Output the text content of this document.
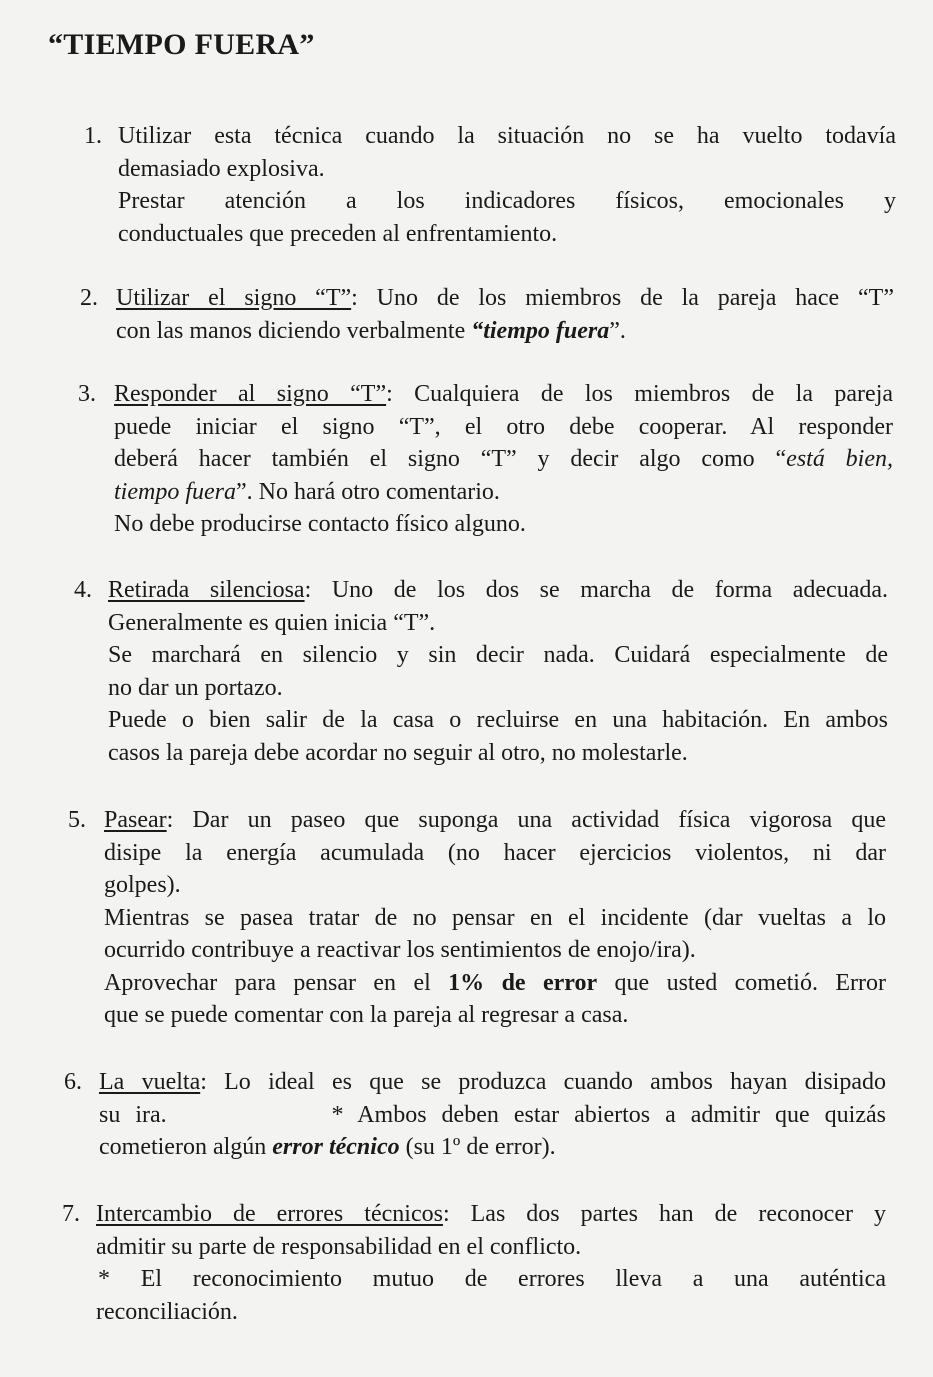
“TIEMPO FUERA”
1. Utilizar esta técnica cuando la situación no se ha vuelto todavía
demasiado explosiva.
Prestar atención a los indicadores físicos, emocionales y
conductuales que preceden al enfrentamiento.
2. Utilizar el signo “T”: Uno de los miembros de la pareja hace “T”
con las manos diciendo verbalmente “tiempo fuera”.
3. Responder al signo “T”: Cualquiera de los miembros de la pareja
puede iniciar el signo “T”, el otro debe cooperar. Al responder
deberá hacer también el signo “T” y decir algo como “está bien,
tiempo fuera”. No hará otro comentario.
No debe producirse contacto físico alguno.
4. Retirada silenciosa: Uno de los dos se marcha de forma adecuada.
Generalmente es quien inicia “T”.
Se marchará en silencio y sin decir nada. Cuidará especialmente de
no dar un portazo.
Puede o bien salir de la casa o recluirse en una habitación. En ambos
casos la pareja debe acordar no seguir al otro, no molestarle.
5. Pasear: Dar un paseo que suponga una actividad física vigorosa que
disipe la energía acumulada (no hacer ejercicios violentos, ni dar
golpes).
Mientras se pasea tratar de no pensar en el incidente (dar vueltas a lo
ocurrido contribuye a reactivar los sentimientos de enojo/ira).
Aprovechar para pensar en el 1% de error que usted cometió. Error
que se puede comentar con la pareja al regresar a casa.
6. La vuelta: Lo ideal es que se produzca cuando ambos hayan disipado
su ira.           * Ambos deben estar abiertos a admitir que quizás
cometieron algún error técnico (su 1º de error).
7. Intercambio de errores técnicos: Las dos partes han de reconocer y
admitir su parte de responsabilidad en el conflicto.
* El reconocimiento mutuo de errores lleva a una auténtica
reconciliación.
